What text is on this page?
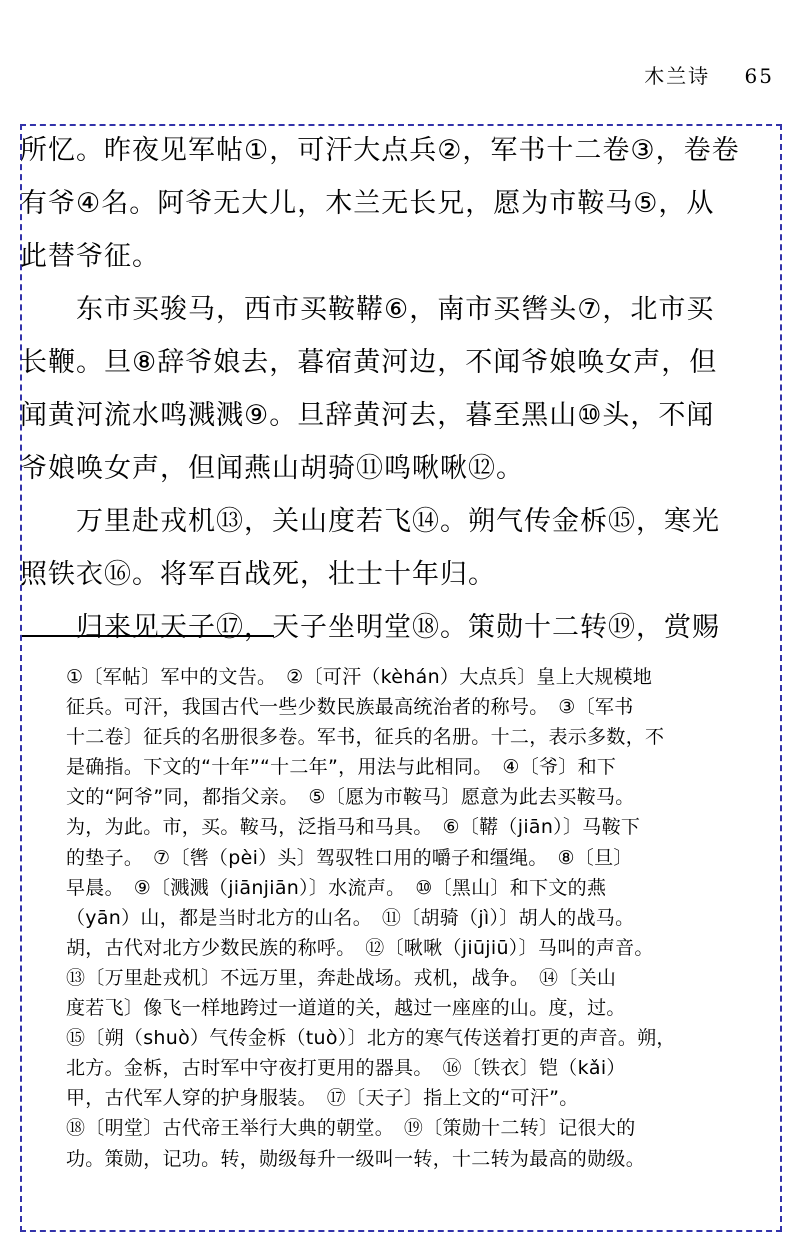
木兰诗 65

所忆。昨夜见军帖①，可汗大点兵②，军书十二卷③，卷卷

有爷④名。阿爷无大儿，木兰无长兄，愿为市鞍马⑤，从

此替爷征。

东市买骏马，西市买鞍鞯⑥，南市买辔头⑦，北市买

长鞭。旦⑧辞爷娘去，暮宿黄河边，不闻爷娘唤女声，但

闻黄河流水鸣溅溅⑨。旦辞黄河去，暮至黑山⑩头，不闻

爷娘唤女声，但闻燕山胡骑⑪鸣啾啾⑫。

万里赴戎机⑬，关山度若飞⑭。朔气传金柝⑮，寒光

照铁衣⑯。将军百战死，壮士十年归。

归来见天子⑰，天子坐明堂⑱。策勋十二转⑲，赏赐

①〔军帖〕军中的文告。　②〔可汗（kèhán）大点兵〕皇上大规模地

征兵。可汗，我国古代一些少数民族最高统治者的称号。　③〔军书

十二卷〕征兵的名册很多卷。军书，征兵的名册。十二，表示多数，不

是确指。下文的“十年”“十二年”，用法与此相同。　④〔爷〕和下

文的“阿爷”同，都指父亲。　⑤〔愿为市鞍马〕愿意为此去买鞍马。

为，为此。市，买。鞍马，泛指马和马具。　⑥〔鞯（jiān）〕马鞍下

的垫子。　⑦〔辔（pèi）头〕驾驭牲口用的嚼子和缰绳。　⑧〔旦〕

早晨。　⑨〔溅溅（jiānjiān）〕水流声。　⑩〔黑山〕和下文的燕

（yān）山，都是当时北方的山名。　⑪〔胡骑（jì）〕胡人的战马。

胡，古代对北方少数民族的称呼。　⑫〔啾啾（jiūjiū）〕马叫的声音。

⑬〔万里赴戎机〕不远万里，奔赴战场。戎机，战争。　⑭〔关山

度若飞〕像飞一样地跨过一道道的关，越过一座座的山。度，过。

⑮〔朔（shuò）气传金柝（tuò）〕北方的寒气传送着打更的声音。朔，

北方。金柝，古时军中守夜打更用的器具。　⑯〔铁衣〕铠（kǎi）

甲，古代军人穿的护身服装。　⑰〔天子〕指上文的“可汗”。

⑱〔明堂〕古代帝王举行大典的朝堂。　⑲〔策勋十二转〕记很大的

功。策勋，记功。转，勋级每升一级叫一转，十二转为最高的勋级。
